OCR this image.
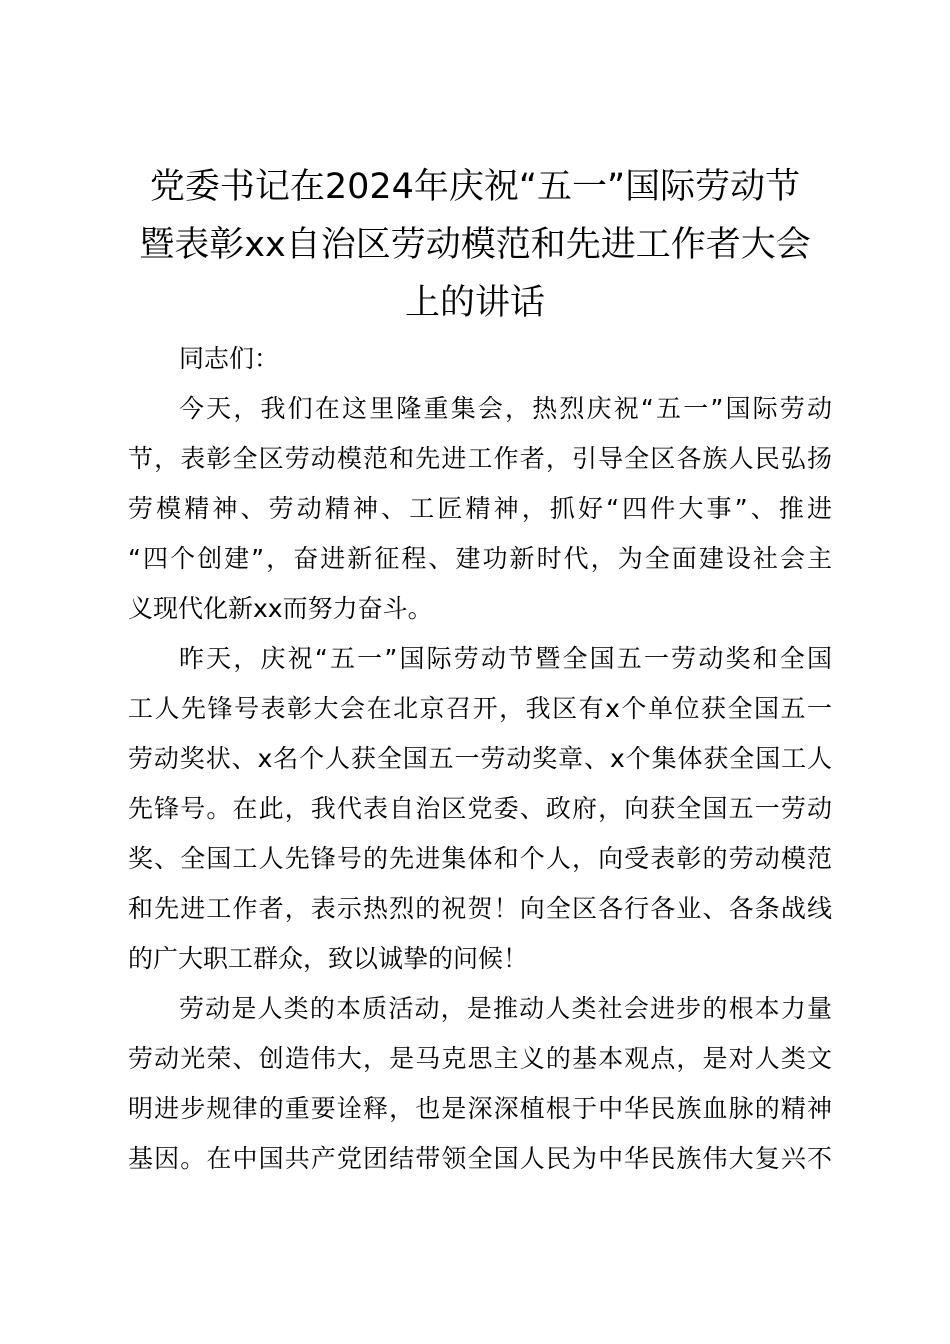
党委书记在2024年庆祝“五一”国际劳动节
暨表彰xx自治区劳动模范和先进工作者大会
上的讲话
同志们：
今天，我们在这里隆重集会，热烈庆祝“五一”国际劳动
节，表彰全区劳动模范和先进工作者，引导全区各族人民弘扬
劳模精神、劳动精神、工匠精神，抓好“四件大事”、推进
“四个创建”，奋进新征程、建功新时代，为全面建设社会主
义现代化新xx而努力奋斗。
昨天，庆祝“五一”国际劳动节暨全国五一劳动奖和全国
工人先锋号表彰大会在北京召开，我区有x个单位获全国五一
劳动奖状、x名个人获全国五一劳动奖章、x个集体获全国工人
先锋号。在此，我代表自治区党委、政府，向获全国五一劳动
奖、全国工人先锋号的先进集体和个人，向受表彰的劳动模范
和先进工作者，表示热烈的祝贺！向全区各行各业、各条战线
的广大职工群众，致以诚挚的问候！
劳动是人类的本质活动，是推动人类社会进步的根本力量
劳动光荣、创造伟大，是马克思主义的基本观点，是对人类文
明进步规律的重要诠释，也是深深植根于中华民族血脉的精神
基因。在中国共产党团结带领全国人民为中华民族伟大复兴不
